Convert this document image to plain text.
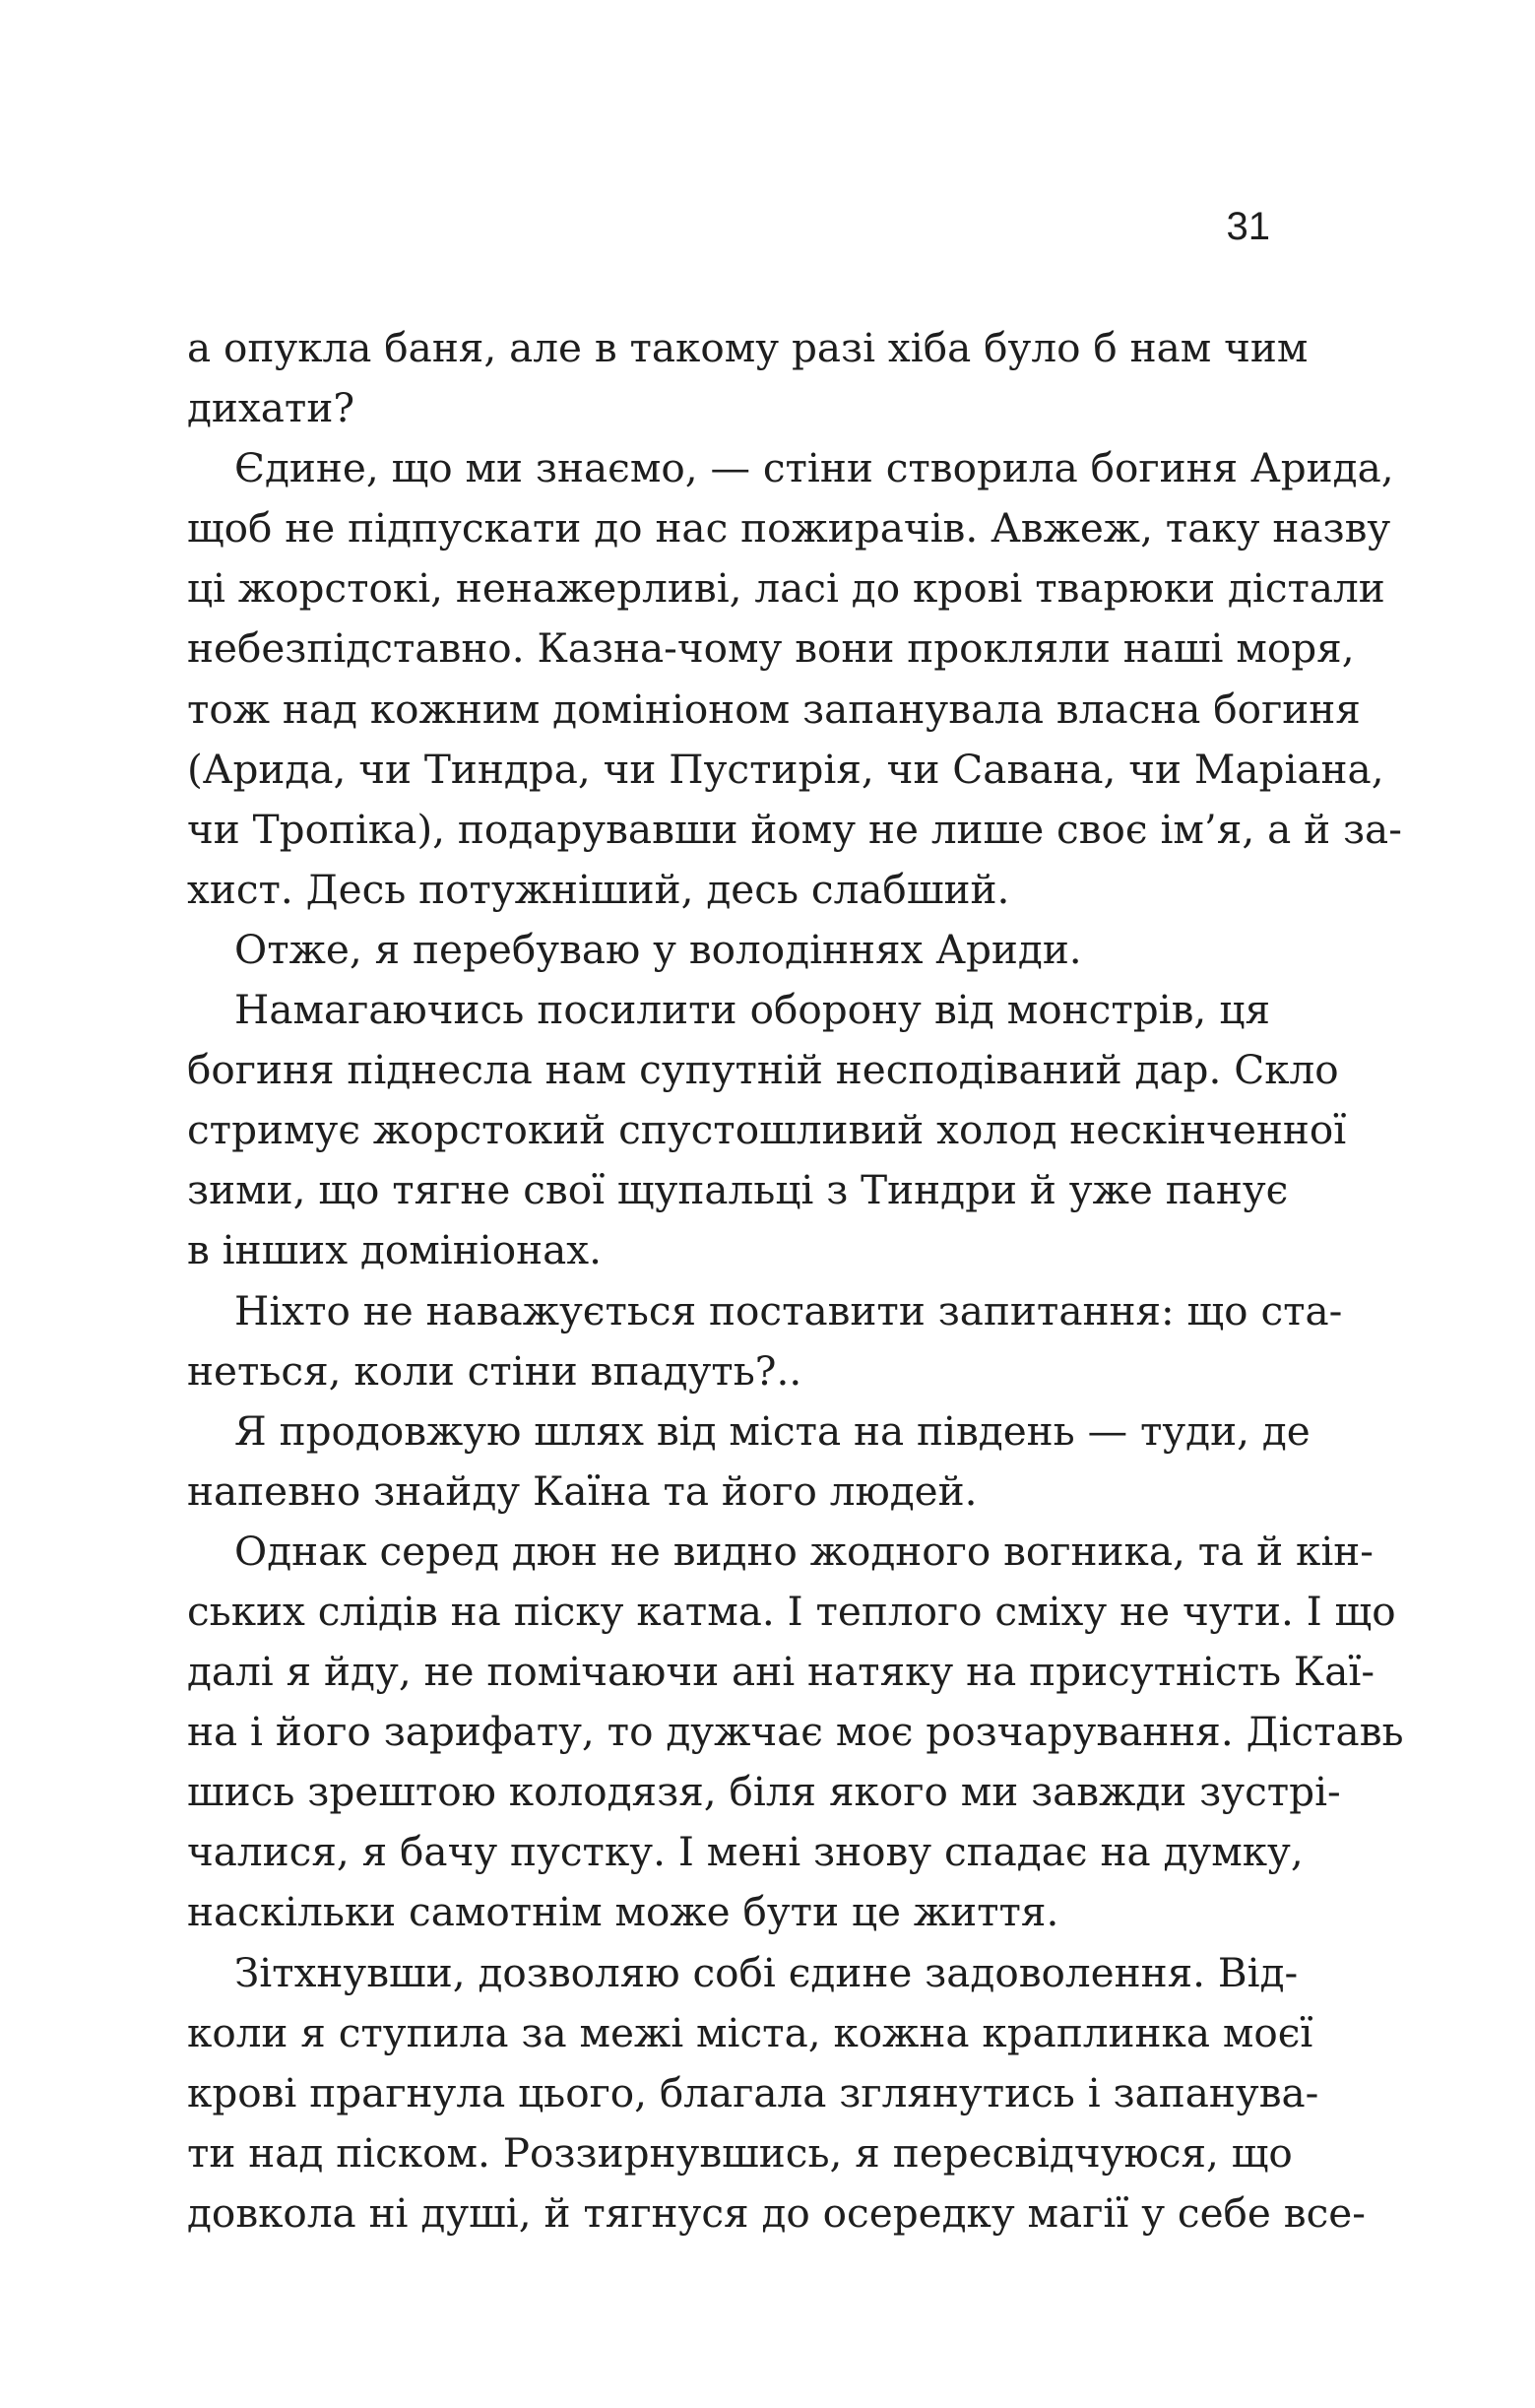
31

а опукла баня, але в такому разі хіба було б нам чим
дихати?

Єдине, що ми знаємо, — стіни створила богиня Арида,
щоб не підпускати до нас пожирачів. Авжеж, таку назву
ці жорстокі, ненажерливі, ласі до крові тварюки дістали
небезпідставно. Казна-чому вони прокляли наші моря,
тож над кожним домініоном запанувала власна богиня
(Арида, чи Тиндра, чи Пустирія, чи Савана, чи Маріана,
чи Тропіка), подарувавши йому не лише своє ім’я, а й за-
хист. Десь потужніший, десь слабший.

Отже, я перебуваю у володіннях Ариди.

Намагаючись посилити оборону від монстрів, ця
богиня піднесла нам супутній несподіваний дар. Скло
стримує жорстокий спустошливий холод нескінченної
зими, що тягне свої щупальці з Тиндри й уже панує
в інших домініонах.

Ніхто не наважується поставити запитання: що ста-
неться, коли стіни впадуть?..

Я продовжую шлях від міста на південь — туди, де
напевно знайду Каїна та його людей.

Однак серед дюн не видно жодного вогника, та й кін-
ських слідів на піску катма. І теплого сміху не чути. І що
далі я йду, не помічаючи ані натяку на присутність Каї-
на і його зарифату, то дужчає моє розчарування. Діставь
шись зрештою колодязя, біля якого ми завжди зустрі-
чалися, я бачу пустку. І мені знову спадає на думку,
наскільки самотнім може бути це життя.

Зітхнувши, дозволяю собі єдине задоволення. Від-
коли я ступила за межі міста, кожна краплинка моєї
крові прагнула цього, благала зглянутись і запанува-
ти над піском. Роззирнувшись, я пересвідчуюся, що
довкола ні душі, й тягнуся до осередку магії у себе все-
